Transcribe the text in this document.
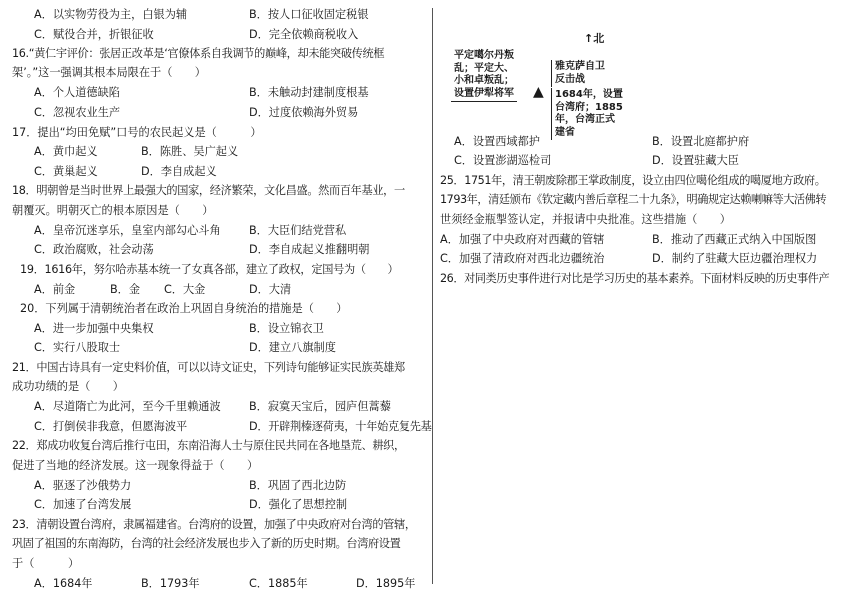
A．以实物劳役为主，白银为辅	B．按人口征收固定税银
C．赋役合并，折银征收	D．完全依赖商税收入
16.“黄仁宇评价：张居正改革是‘官僚体系自我调节的巅峰，却未能突破传统框
架’。”这一强调其根本局限在于（　　）
A．个人道德缺陷	B．未触动封建制度根基
C．忽视农业生产	D．过度依赖海外贸易
17．提出“均田免赋”口号的农民起义是（　　　）
A．黄巾起义	B．陈胜、吴广起义
C．黄巢起义	D．李自成起义
18．明朝曾是当时世界上最强大的国家，经济繁荣，文化昌盛。然而百年基业，一
朝覆灭。明朝灭亡的根本原因是（　　）
A．皇帝沉迷享乐，皇室内部勾心斗角	B．大臣们结党营私
C．政治腐败，社会动荡	D．李自成起义推翻明朝
19．1616年，努尔哈赤基本统一了女真各部，建立了政权，定国号为（　　）
A．前金	B．金 C．大金	D．大清
20．下列属于清朝统治者在政治上巩固自身统治的措施是（　　）
A．进一步加强中央集权	B．设立锦衣卫
C．实行八股取士	D．建立八旗制度
21．中国古诗具有一定史料价值，可以以诗文证史，下列诗句能够证实民族英雄郑
成功功绩的是（　　）
A．尽道隋亡为此河，至今千里赖通波	B．寂寞天宝后，园庐但蒿藜
C．打倒侯非我意，但愿海波平	D．开辟荆榛逐荷夷，十年始克复先基
22．郑成功收复台湾后推行屯田，东南沿海人士与原住民共同在各地垦荒、耕织，
促进了当地的经济发展。这一现象得益于（　　）
A．驱逐了沙俄势力	B．巩固了西北边防
C．加速了台湾发展	D．强化了思想控制
23．清朝设置台湾府，隶属福建省。台湾府的设置，加强了中央政府对台湾的管辖，
巩固了祖国的东南海防，台湾的社会经济发展也步入了新的历史时期。台湾府设置
于（　　　）
↑北
平定噶尔丹叛
乱；平定大、
小和卓叛乱；
设置伊犁将军
雅克萨自卫
反击战
▲ 1684年，设置
台湾府；1885
年，台湾正式
建省
A．设置西域都护	B．设置北庭都护府
C．设置澎湖巡检司	D．设置驻藏大臣
25．1751年，清王朝废除郡王掌政制度，设立由四位噶伦组成的噶厦地方政府。
1793年，清廷颁布《钦定藏内善后章程二十九条》，明确规定达赖喇嘛等大活佛转
世须经金瓶掣签认定，并报请中央批准。这些措施（　　）
A．加强了中央政府对西藏的管辖	B．推动了西藏正式纳入中国版图
C．加强了清政府对西北边疆统治	D．制约了驻藏大臣边疆治理权力
A．1684年	B．1793年	C．1885年	D．1895年
26．对同类历史事件进行对比是学习历史的基本素养。下面材料反映的历史事件产
